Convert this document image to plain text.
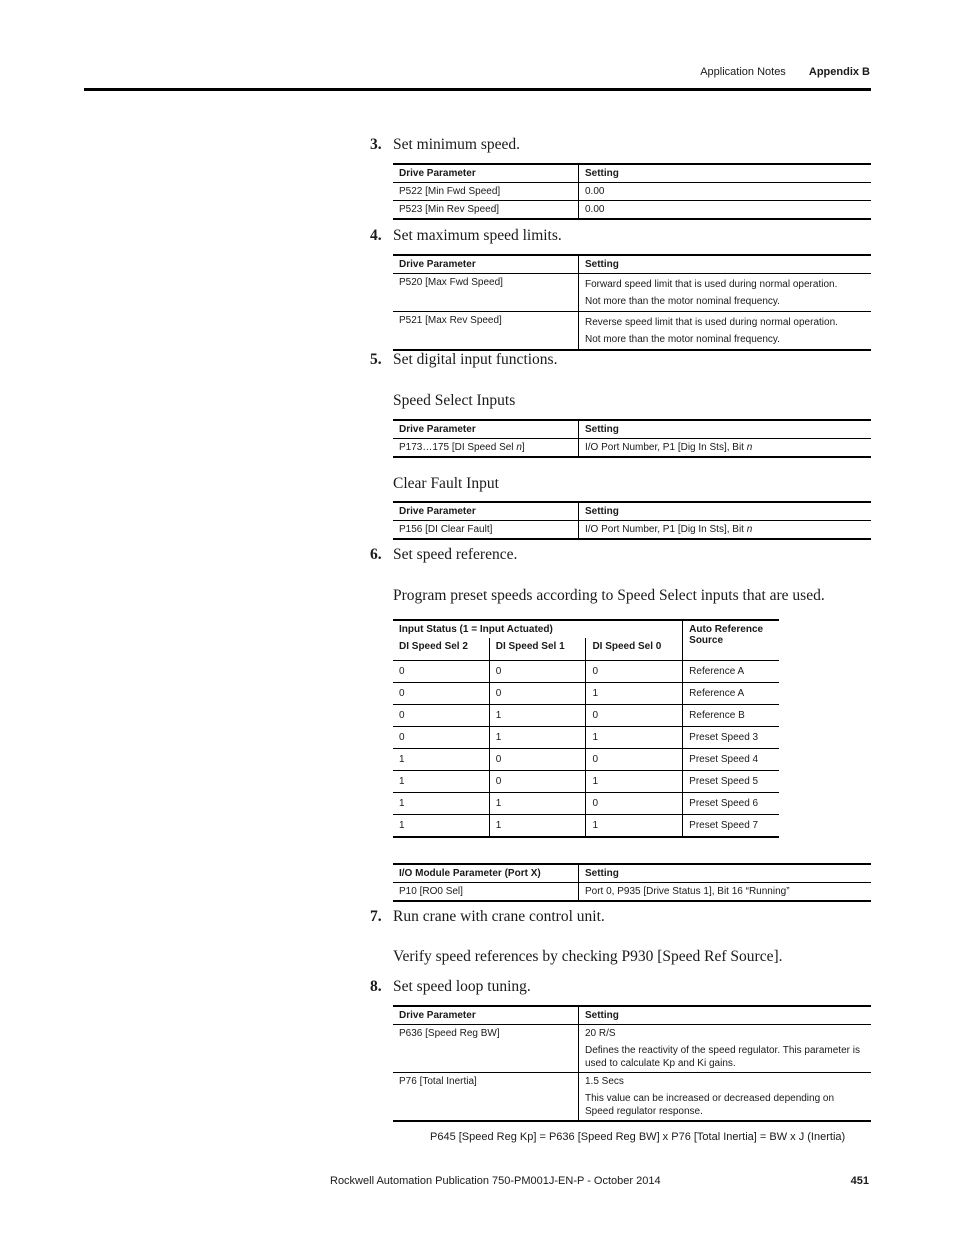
Application Notes Appendix B
3. Set minimum speed.
Drive Parameter	Setting
P522 [Min Fwd Speed]	0.00
P523 [Min Rev Speed]	0.00
4. Set maximum speed limits.
Drive Parameter	Setting
P520 [Max Fwd Speed]	Forward speed limit that is used during normal operation.
Not more than the motor nominal frequency.

P521 [Max Rev Speed]	Reverse speed limit that is used during normal operation.
Not more than the motor nominal frequency.
5. Set digital input functions.
Speed Select Inputs
Drive Parameter	Setting
P173…175 [DI Speed Sel n]	I/O Port Number, P1 [Dig In Sts], Bit n
Clear Fault Input
Drive Parameter	Setting
P156 [DI Clear Fault]	I/O Port Number, P1 [Dig In Sts], Bit n
6. Set speed reference.
Program preset speeds according to Speed Select inputs that are used.
Input Status (1 = Input Actuated)			Auto Reference Source
DI Speed Sel 2	DI Speed Sel 1	DI Speed Sel 0	
0	0	0	Reference A
0	0	1	Reference A
0	1	0	Reference B
0	1	1	Preset Speed 3
1	0	0	Preset Speed 4
1	0	1	Preset Speed 5
1	1	0	Preset Speed 6
1	1	1	Preset Speed 7
I/O Module Parameter (Port X)	Setting
P10 [RO0 Sel]	Port 0, P935 [Drive Status 1], Bit 16 “Running”
7. Run crane with crane control unit.
Verify speed references by checking P930 [Speed Ref Source].
8. Set speed loop tuning.
Drive Parameter	Setting
P636 [Speed Reg BW]	20 R/S
Defines the reactivity of the speed regulator. This parameter is used to calculate Kp and Ki gains.

P76 [Total Inertia]	1.5 Secs
This value can be increased or decreased depending on Speed regulator response.
P645 [Speed Reg Kp] = P636 [Speed Reg BW] x P76 [Total Inertia] = BW x J (Inertia)
Rockwell Automation Publication 750-PM001J-EN-P - October 2014	451
